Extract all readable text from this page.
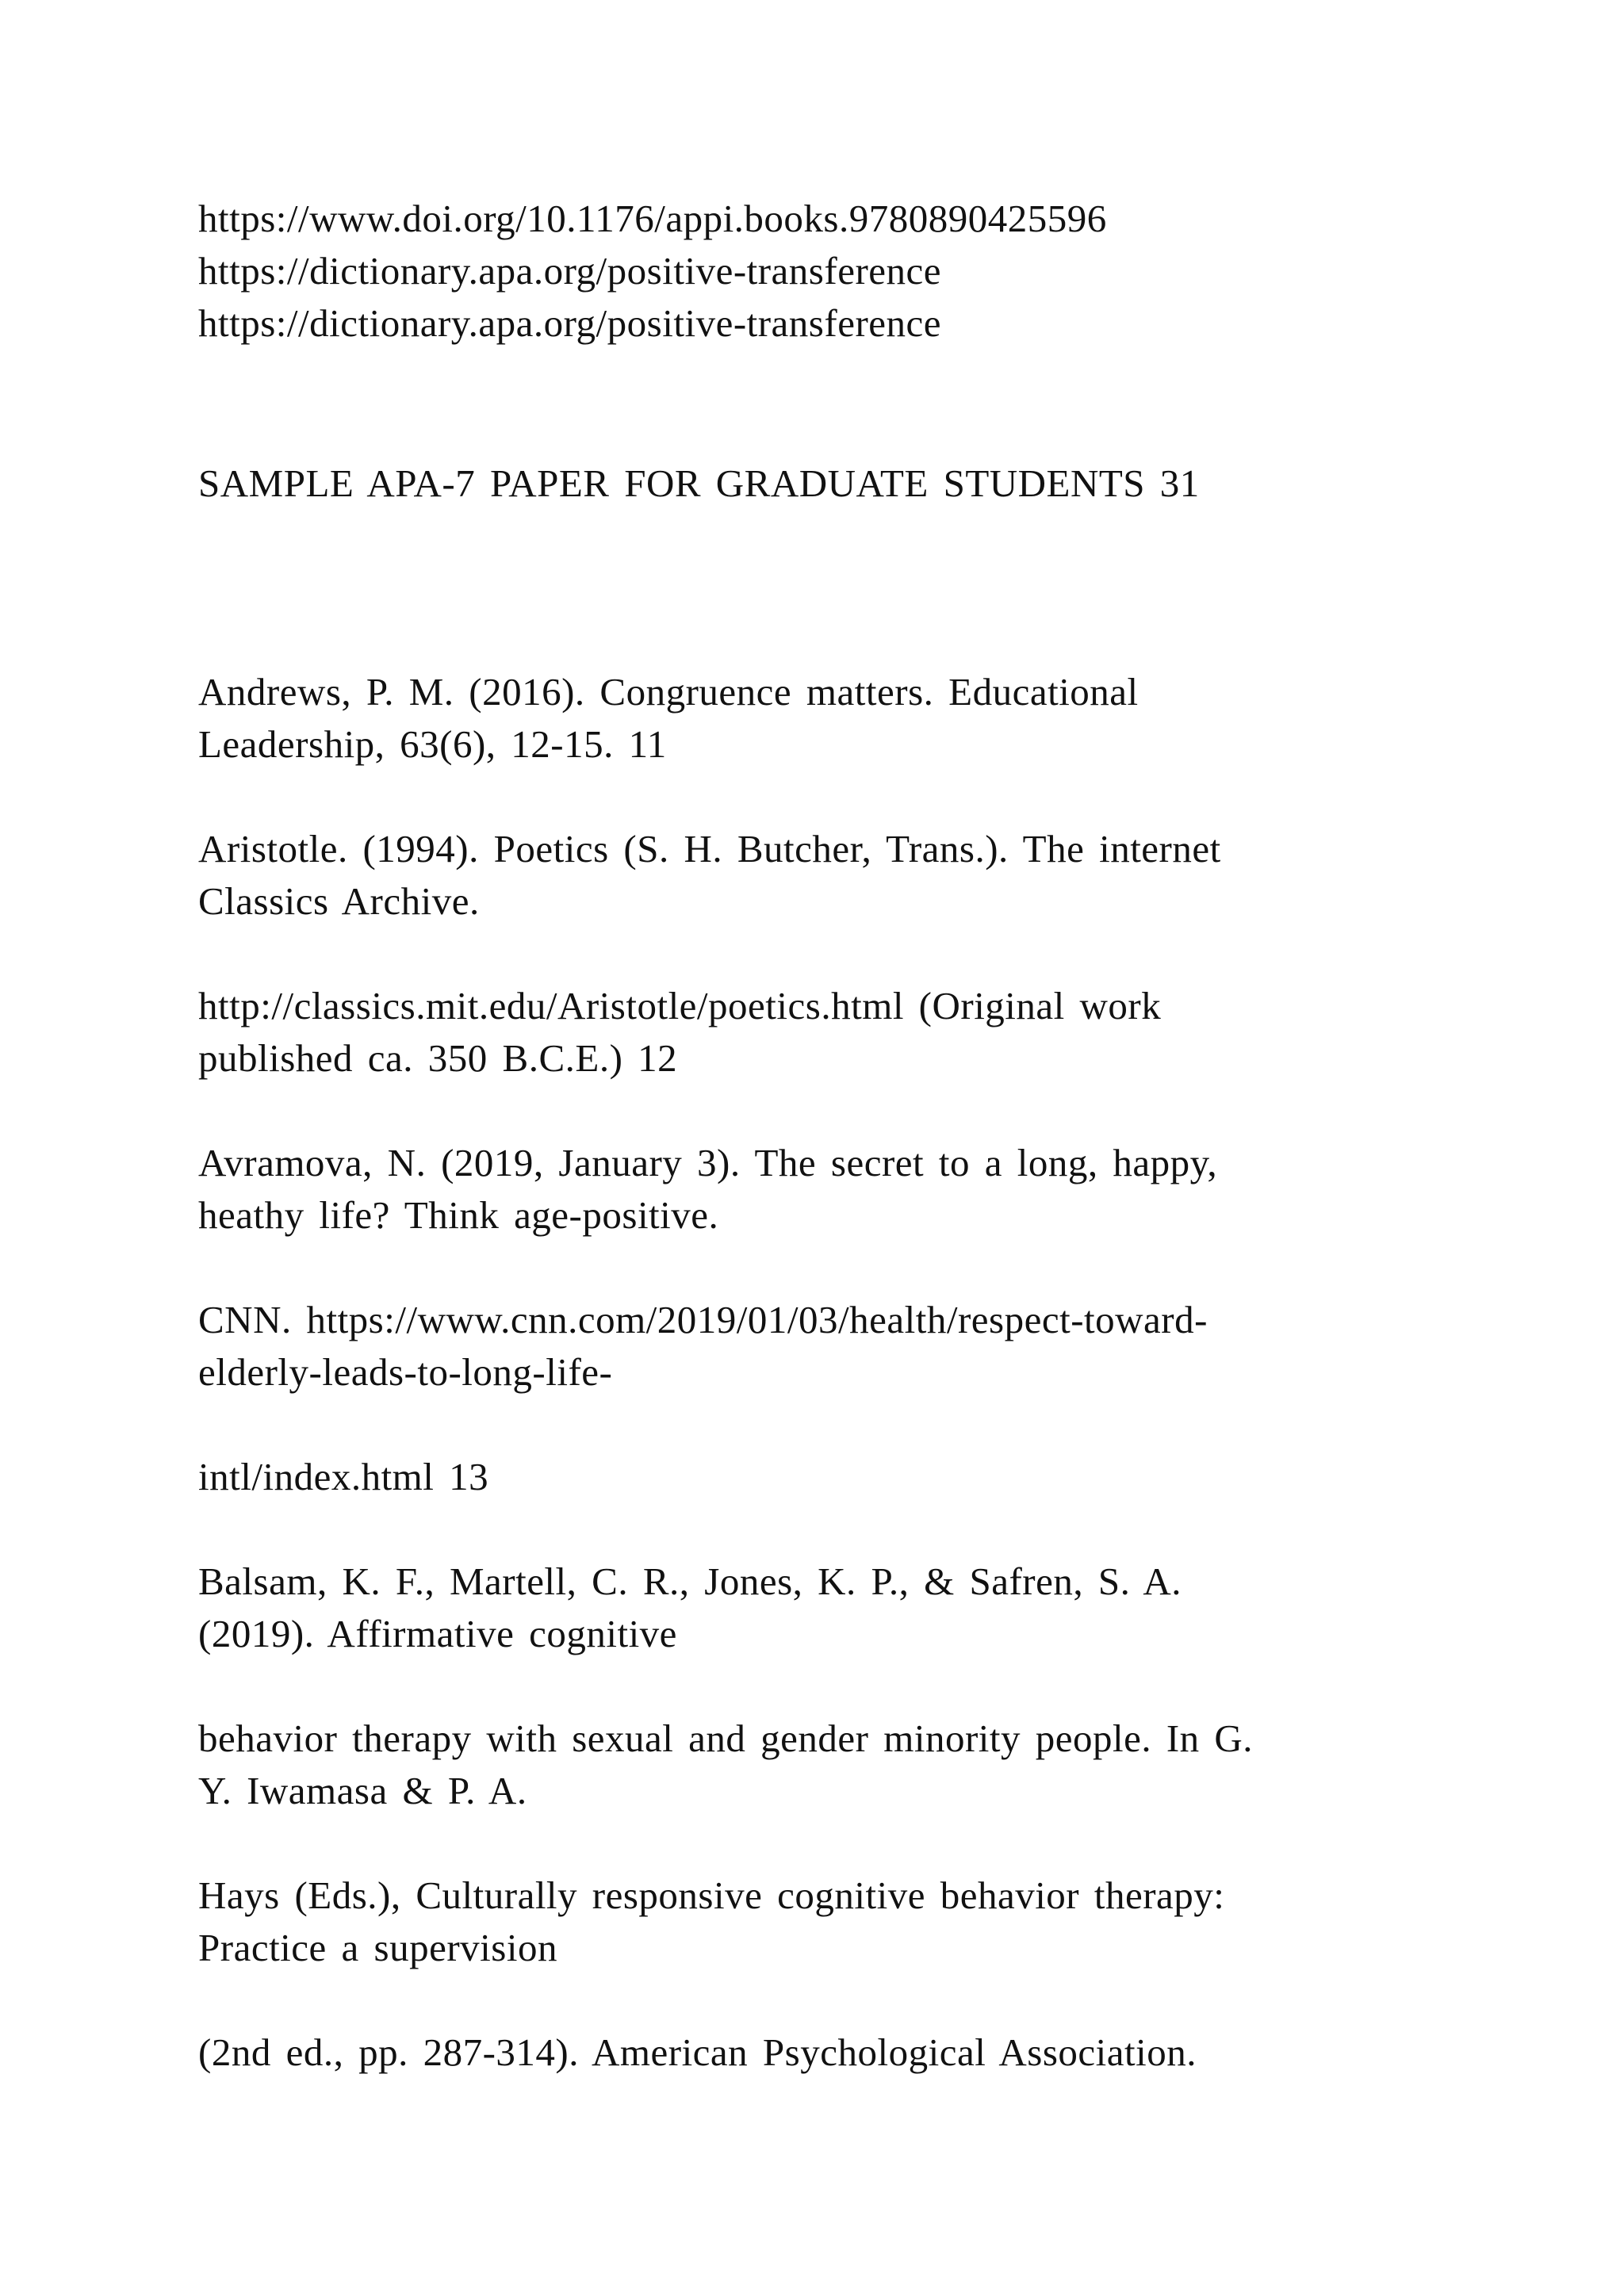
https://www.doi.org/10.1176/appi.books.9780890425596

https://dictionary.apa.org/positive-transference

https://dictionary.apa.org/positive-transference

SAMPLE APA-7 PAPER FOR GRADUATE STUDENTS 31

Andrews, P. M. (2016). Congruence matters. Educational

Leadership, 63(6), 12-15. 11

Aristotle. (1994). Poetics (S. H. Butcher, Trans.). The internet

Classics Archive.

http://classics.mit.edu/Aristotle/poetics.html (Original work

published ca. 350 B.C.E.) 12

Avramova, N. (2019, January 3). The secret to a long, happy,

heathy life? Think age-positive.

CNN. https://www.cnn.com/2019/01/03/health/respect-toward-

elderly-leads-to-long-life-

intl/index.html 13

Balsam, K. F., Martell, C. R., Jones, K. P., & Safren, S. A.

(2019). Affirmative cognitive

behavior therapy with sexual and gender minority people. In G.

Y. Iwamasa & P. A.

Hays (Eds.), Culturally responsive cognitive behavior therapy:

Practice a supervision

(2nd ed., pp. 287-314). American Psychological Association.
